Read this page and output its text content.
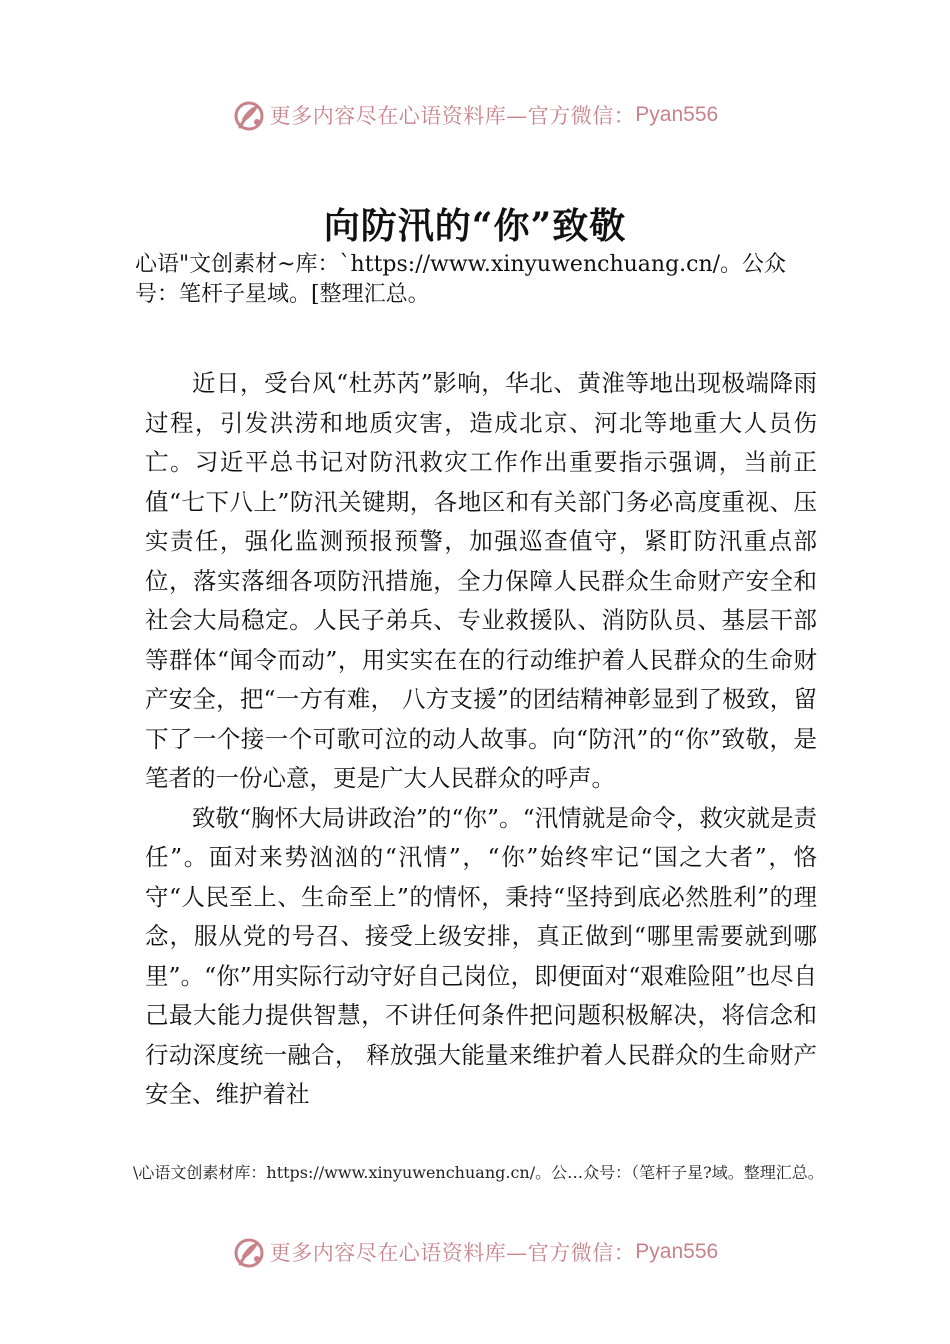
更多内容尽在心语资料库—官方微信： Pyan556
向防汛的“你”致敬
心语"文创素材~库：`https://www.xinyuwenchuang.cn/。公众号：笔杆子星域。[整理汇总。

近日，受台风“杜苏芮”影响，华北、黄淮等地出现极端降雨过程，引发洪涝和地质灾害，造成北京、河北等地重大人员伤亡。习近平总书记对防汛救灾工作作出重要指示强调，当前正值“七下八上”防汛关键期，各地区和有关部门务必高度重视、压实责任，强化监测预报预警，加强巡查值守，紧盯防汛重点部位，落实落细各项防汛措施，全力保障人民群众生命财产安全和社会大局稳定。人民子弟兵、专业救援队、消防队员、基层干部等群体“闻令而动”，用实实在在的行动维护着人民群众的生命财产安全，把“一方有难， 八方支援”的团结精神彰显到了极致，留下了一个接一个可歌可泣的动人故事。向“防汛”的“你”致敬，是笔者的一份心意，更是广大人民群众的呼声。

致敬“胸怀大局讲政治”的“你”。“汛情就是命令，救灾就是责任”。面对来势汹汹的“汛情”，“你”始终牢记“国之大者”，恪守“人民至上、生命至上”的情怀，秉持“坚持到底必然胜利”的理念，服从党的号召、接受上级安排，真正做到“哪里需要就到哪里”。“你”用实际行动守好自己岗位，即便面对“艰难险阻”也尽自己最大能力提供智慧，不讲任何条件把问题积极解决，将信念和行动深度统一融合， 释放强大能量来维护着人民群众的生命财产安全、维护着社

\心语文创素材库：https://www.xinyuwenchuang.cn/。公…众号：（笔杆子星?域。整理汇总。
更多内容尽在心语资料库—官方微信： Pyan556
